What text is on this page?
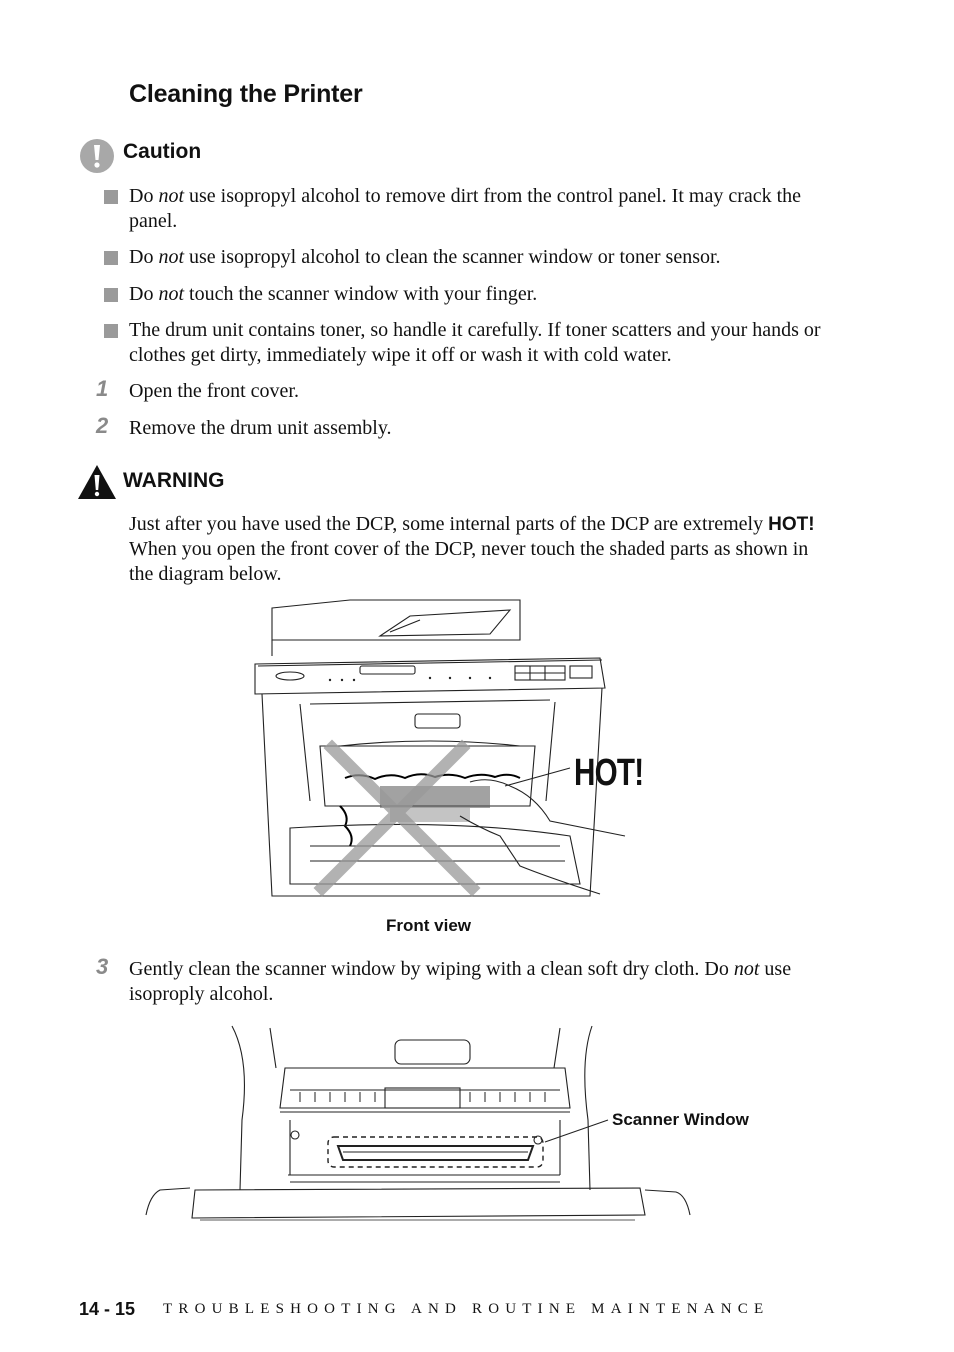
Cleaning the Printer
Caution
Do not use isopropyl alcohol to remove dirt from the control panel. It may crack the panel.
Do not use isopropyl alcohol to clean the scanner window or toner sensor.
Do not touch the scanner window with your finger.
The drum unit contains toner, so handle it carefully. If toner scatters and your hands or clothes get dirty, immediately wipe it off or wash it with cold water.
1 Open the front cover.
2 Remove the drum unit assembly.
WARNING
Just after you have used the DCP, some internal parts of the DCP are extremely HOT! When you open the front cover of the DCP, never touch the shaded parts as shown in the diagram below.
HOT!
Front view
3 Gently clean the scanner window by wiping with a clean soft dry cloth. Do not use isoproply alcohol.
Scanner Window
14 - 15 TROUBLESHOOTING AND ROUTINE MAINTENANCE
